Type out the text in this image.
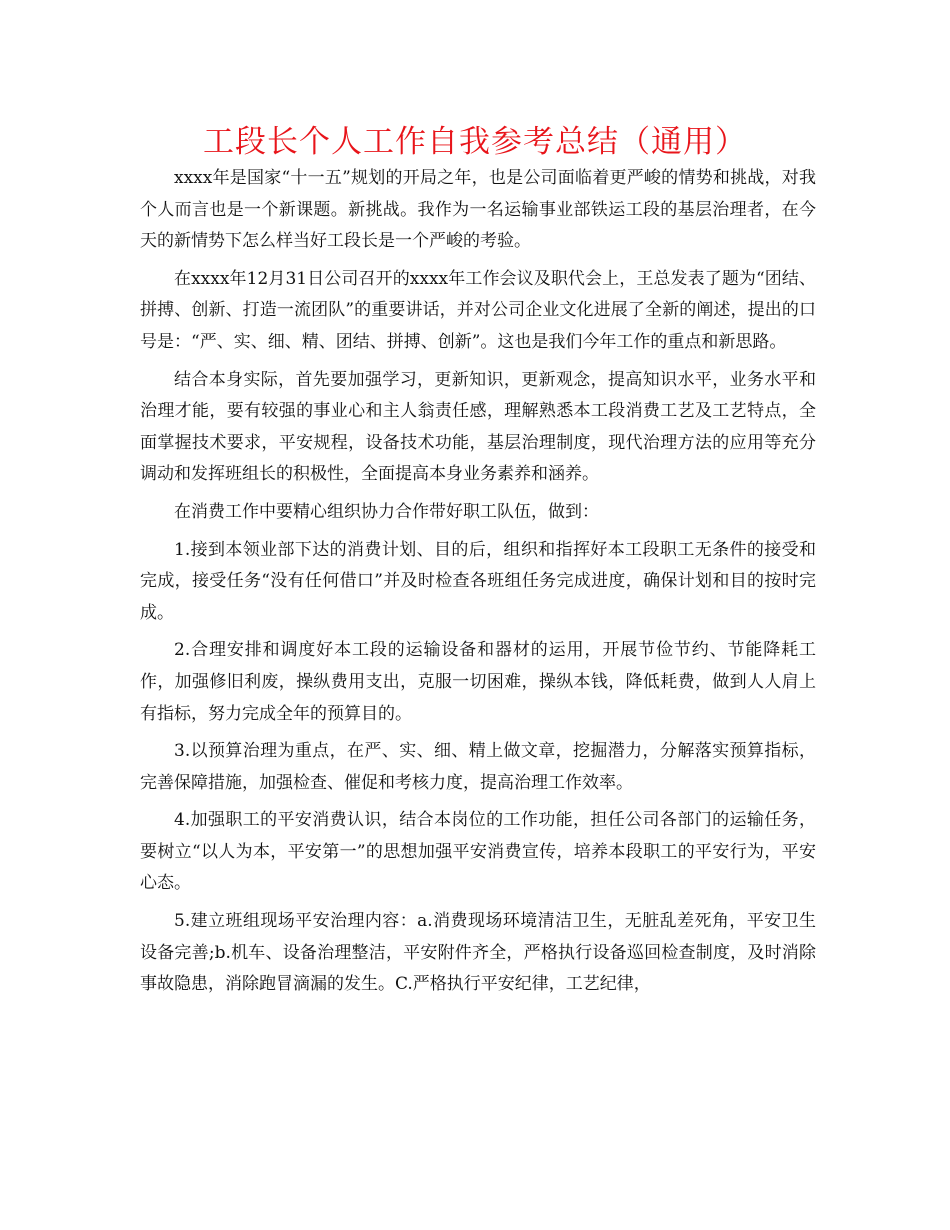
工段长个人工作自我参考总结（通用）

xxxx年是国家“十一五”规划的开局之年，也是公司面临着更严峻的情势和挑战，对我个人而言也是一个新课题。新挑战。我作为一名运输事业部铁运工段的基层治理者，在今天的新情势下怎么样当好工段长是一个严峻的考验。

在xxxx年12月31日公司召开的xxxx年工作会议及职代会上，王总发表了题为“团结、拼搏、创新、打造一流团队”的重要讲话，并对公司企业文化进展了全新的阐述，提出的口号是：“严、实、细、精、团结、拼搏、创新”。这也是我们今年工作的重点和新思路。

结合本身实际，首先要加强学习，更新知识，更新观念，提高知识水平，业务水平和治理才能，要有较强的事业心和主人翁责任感，理解熟悉本工段消费工艺及工艺特点，全面掌握技术要求，平安规程，设备技术功能，基层治理制度，现代治理方法的应用等充分调动和发挥班组长的积极性，全面提高本身业务素养和涵养。

在消费工作中要精心组织协力合作带好职工队伍，做到：

1.接到本领业部下达的消费计划、目的后，组织和指挥好本工段职工无条件的接受和完成，接受任务“没有任何借口”并及时检查各班组任务完成进度，确保计划和目的按时完成。

2.合理安排和调度好本工段的运输设备和器材的运用，开展节俭节约、节能降耗工作，加强修旧利废，操纵费用支出，克服一切困难，操纵本钱，降低耗费，做到人人肩上有指标，努力完成全年的预算目的。

3.以预算治理为重点，在严、实、细、精上做文章，挖掘潜力，分解落实预算指标，完善保障措施，加强检查、催促和考核力度，提高治理工作效率。

4.加强职工的平安消费认识，结合本岗位的工作功能，担任公司各部门的运输任务，要树立“以人为本，平安第一”的思想加强平安消费宣传，培养本段职工的平安行为，平安心态。

5.建立班组现场平安治理内容：a.消费现场环境清洁卫生，无脏乱差死角，平安卫生设备完善;b.机车、设备治理整洁，平安附件齐全，严格执行设备巡回检查制度，及时消除事故隐患，消除跑冒滴漏的发生。C.严格执行平安纪律，工艺纪律，
